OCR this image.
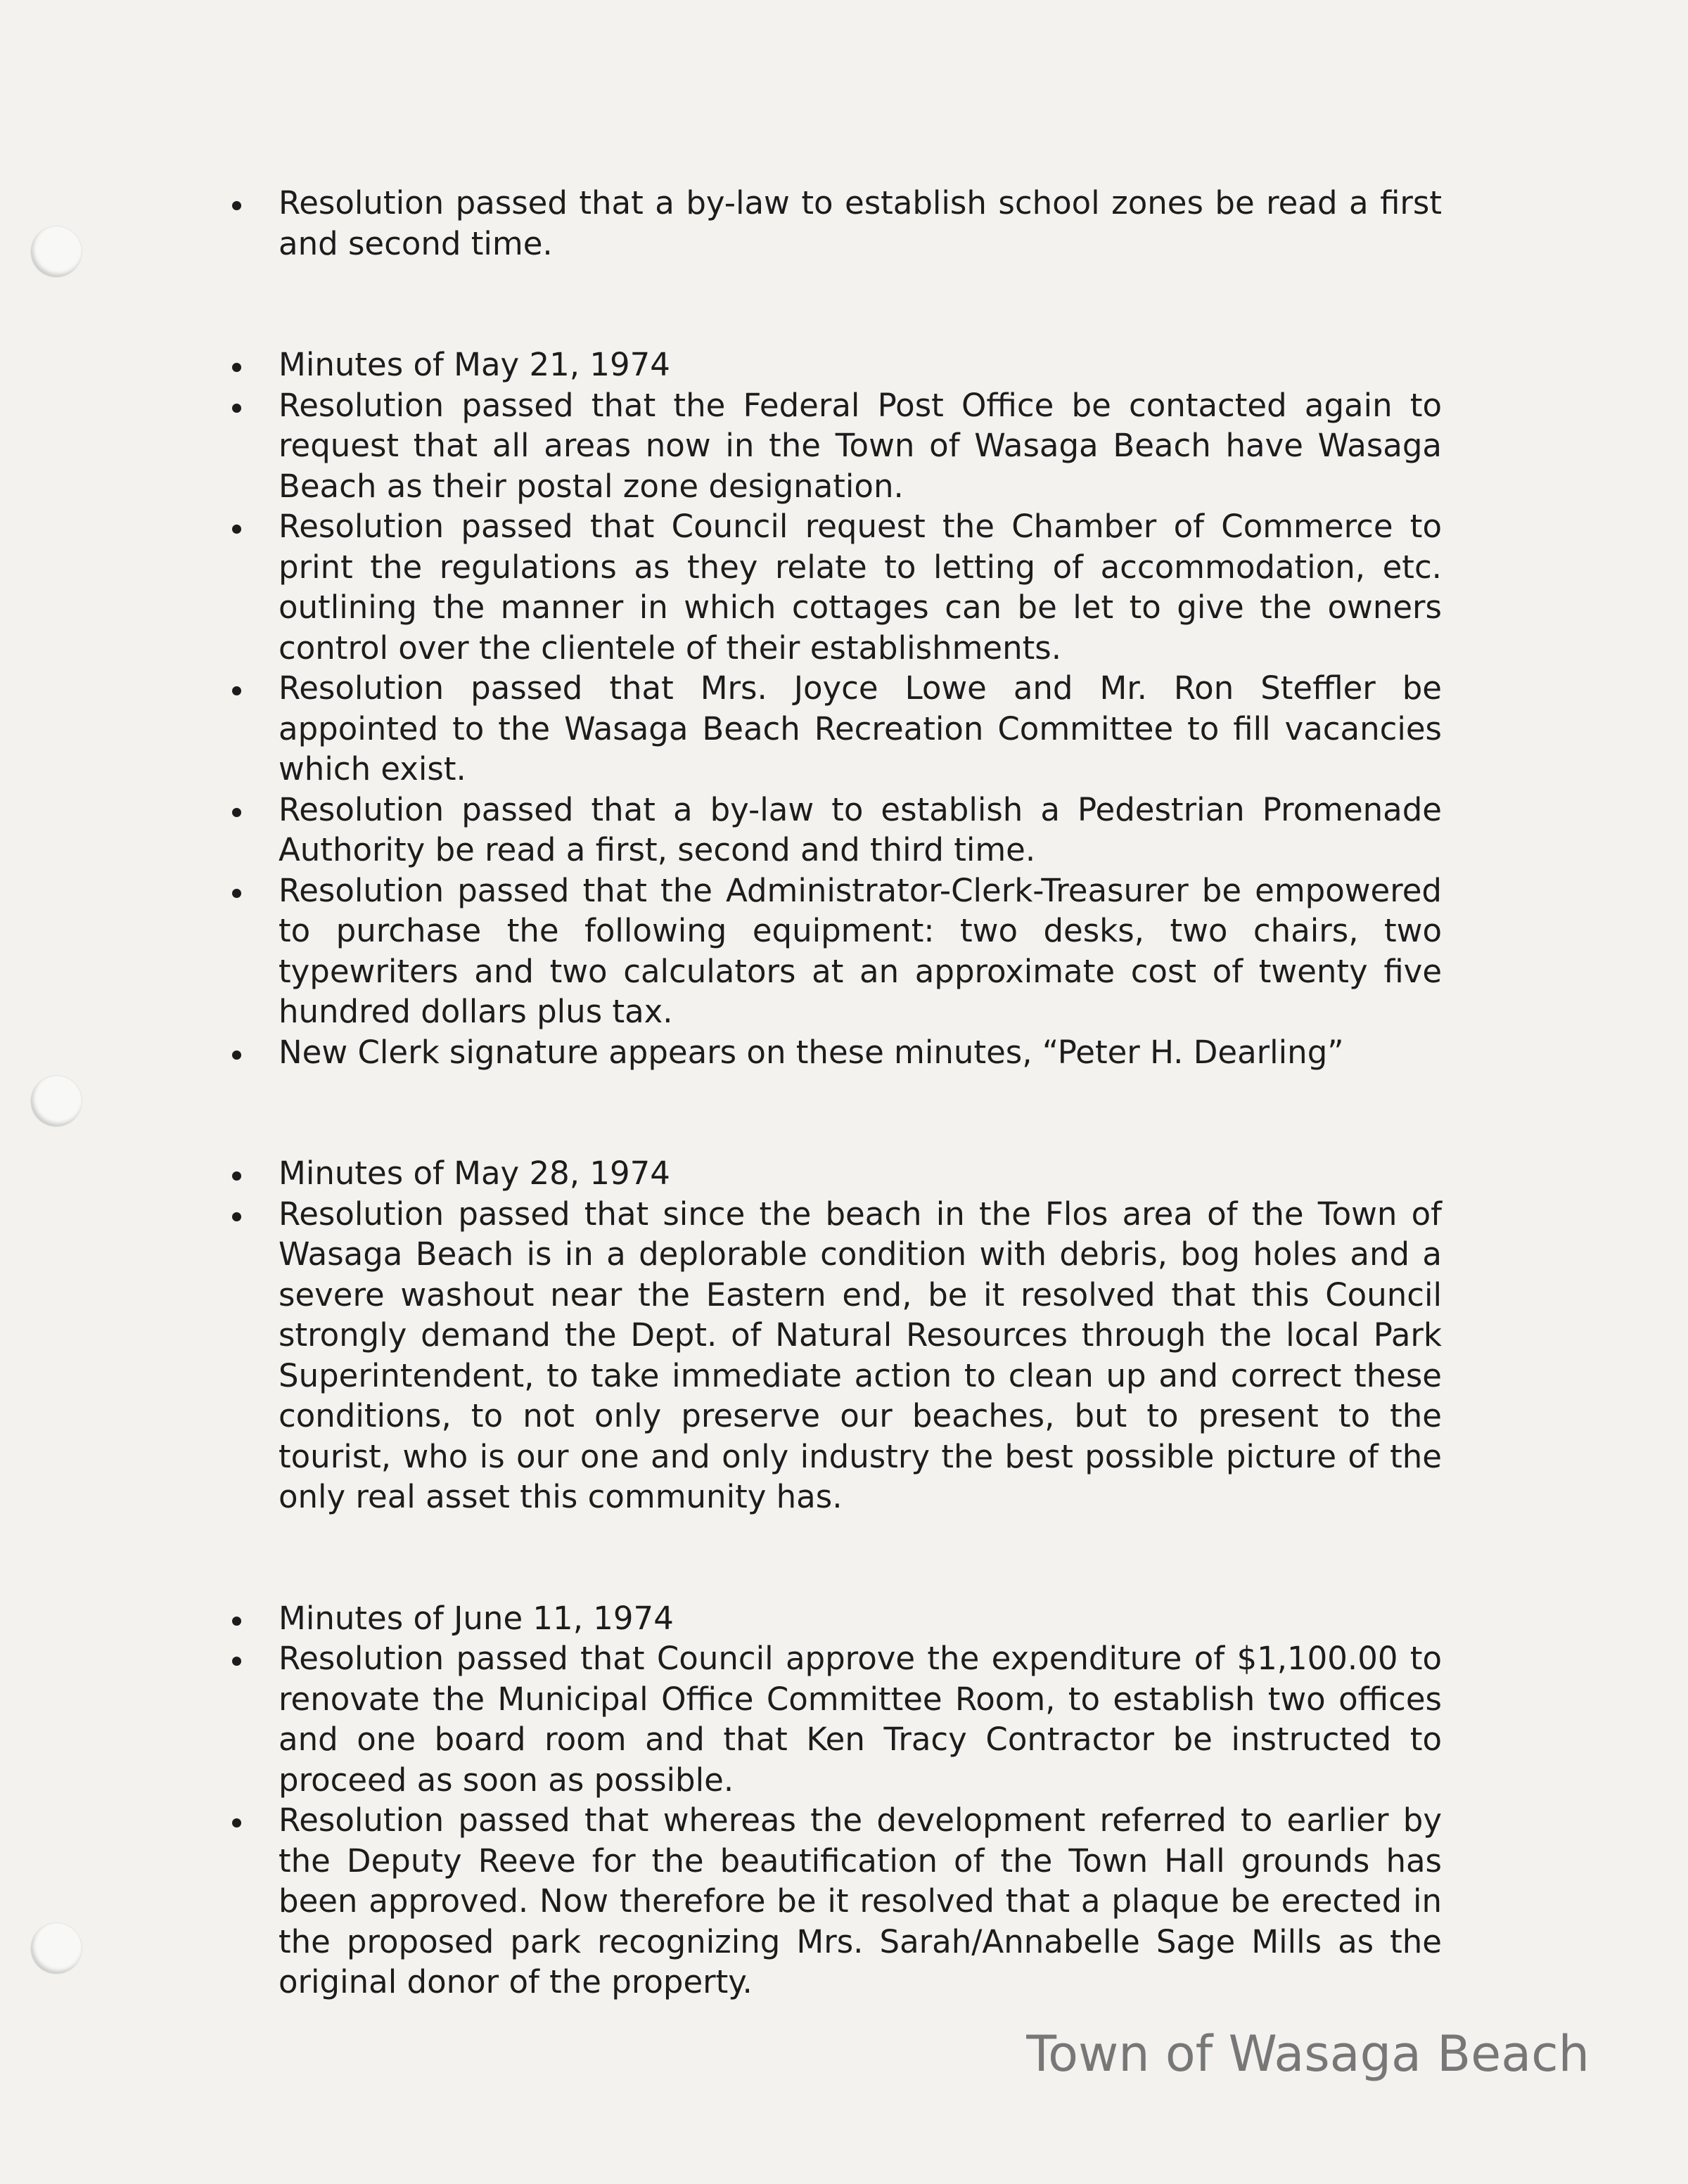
Resolution passed that a by-law to establish school zones be read a first and second time.
Minutes of May 21, 1974
Resolution passed that the Federal Post Office be contacted again to request that all areas now in the Town of Wasaga Beach have Wasaga Beach as their postal zone designation.
Resolution passed that Council request the Chamber of Commerce to print the regulations as they relate to letting of accommodation, etc. outlining the manner in which cottages can be let to give the owners control over the clientele of their establishments.
Resolution passed that Mrs. Joyce Lowe and Mr. Ron Steffler be appointed to the Wasaga Beach Recreation Committee to fill vacancies which exist.
Resolution passed that a by-law to establish a Pedestrian Promenade Authority be read a first, second and third time.
Resolution passed that the Administrator-Clerk-Treasurer be empowered to purchase the following equipment: two desks, two chairs, two typewriters and two calculators at an approximate cost of twenty five hundred dollars plus tax.
New Clerk signature appears on these minutes, “Peter H. Dearling”
Minutes of May 28, 1974
Resolution passed that since the beach in the Flos area of the Town of Wasaga Beach is in a deplorable condition with debris, bog holes and a severe washout near the Eastern end, be it resolved that this Council strongly demand the Dept. of Natural Resources through the local Park Superintendent, to take immediate action to clean up and correct these conditions, to not only preserve our beaches, but to present to the tourist, who is our one and only industry the best possible picture of the only real asset this community has.
Minutes of June 11, 1974
Resolution passed that Council approve the expenditure of $1,100.00 to renovate the Municipal Office Committee Room, to establish two offices and one board room and that Ken Tracy Contractor be instructed to proceed as soon as possible.
Resolution passed that whereas the development referred to earlier by the Deputy Reeve for the beautification of the Town Hall grounds has been approved. Now therefore be it resolved that a plaque be erected in the proposed park recognizing Mrs. Sarah/Annabelle Sage Mills as the original donor of the property.
Town of Wasaga Beach
